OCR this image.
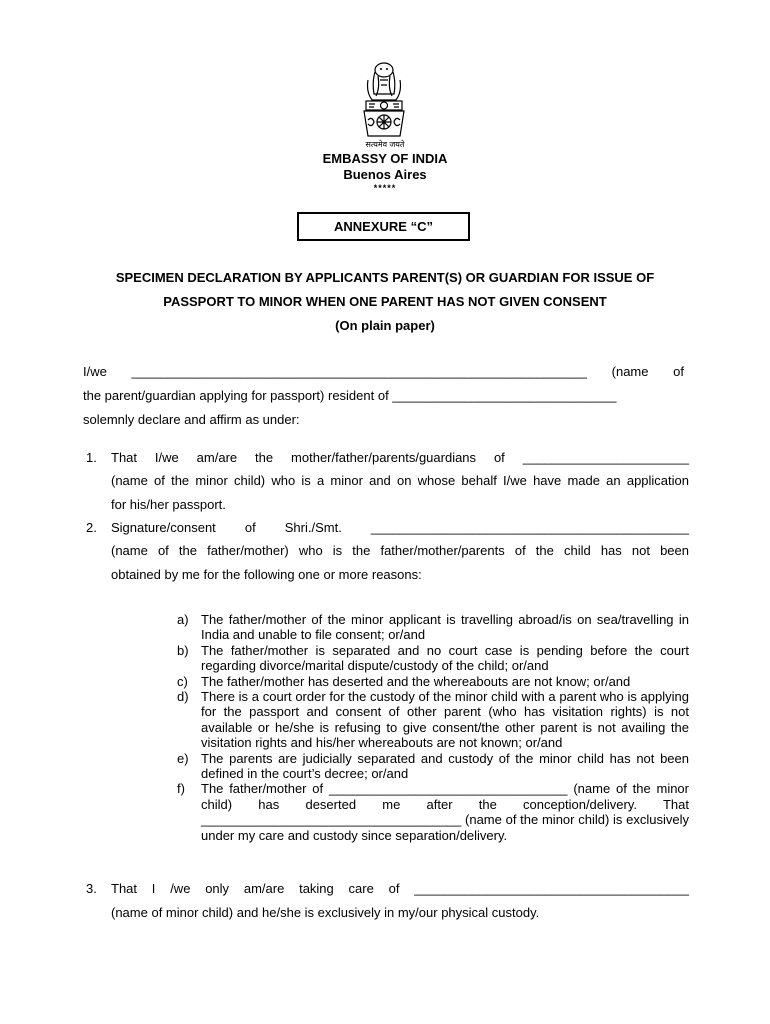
सत्यमेव जयते
EMBASSY OF INDIA
Buenos Aires
*****
ANNEXURE “C”
SPECIMEN DECLARATION BY APPLICANTS PARENT(S) OR GUARDIAN FOR ISSUE OF
PASSPORT TO MINOR WHEN ONE PARENT HAS NOT GIVEN CONSENT
(On plain paper)
I/we _______________________________________________________________ (name of
the parent/guardian applying for passport) resident of _______________________________
solemnly declare and affirm as under:
1. That I/we am/are the mother/father/parents/guardians of _______________________
(name of the minor child) who is a minor and on whose behalf I/we have made an application
for his/her passport.
2. Signature/consent of Shri./Smt. ____________________________________________
(name of the father/mother) who is the father/mother/parents of the child has not been
obtained by me for the following one or more reasons:
a) The father/mother of the minor applicant is travelling abroad/is on sea/travelling in India and unable to file consent; or/and
b) The father/mother is separated and no court case is pending before the court regarding divorce/marital dispute/custody of the child; or/and
c)	The father/mother has deserted and the whereabouts are not know; or/and
d) There is a court order for the custody of the minor child with a parent who is applying for the passport and consent of other parent (who has visitation rights) is not available or he/she is refusing to give consent/the other parent is not availing the visitation rights and his/her whereabouts are not known; or/and
e) The parents are judicially separated and custody of the minor child has not been defined in the court’s decree; or/and
f)	The father/mother of _________________________________ (name of the minor child) has deserted me after the conception/delivery. That ____________________________________ (name of the minor child) is exclusively under my care and custody since separation/delivery.
3. That I /we only am/are taking care of ______________________________________
(name of minor child) and he/she is exclusively in my/our physical custody.
